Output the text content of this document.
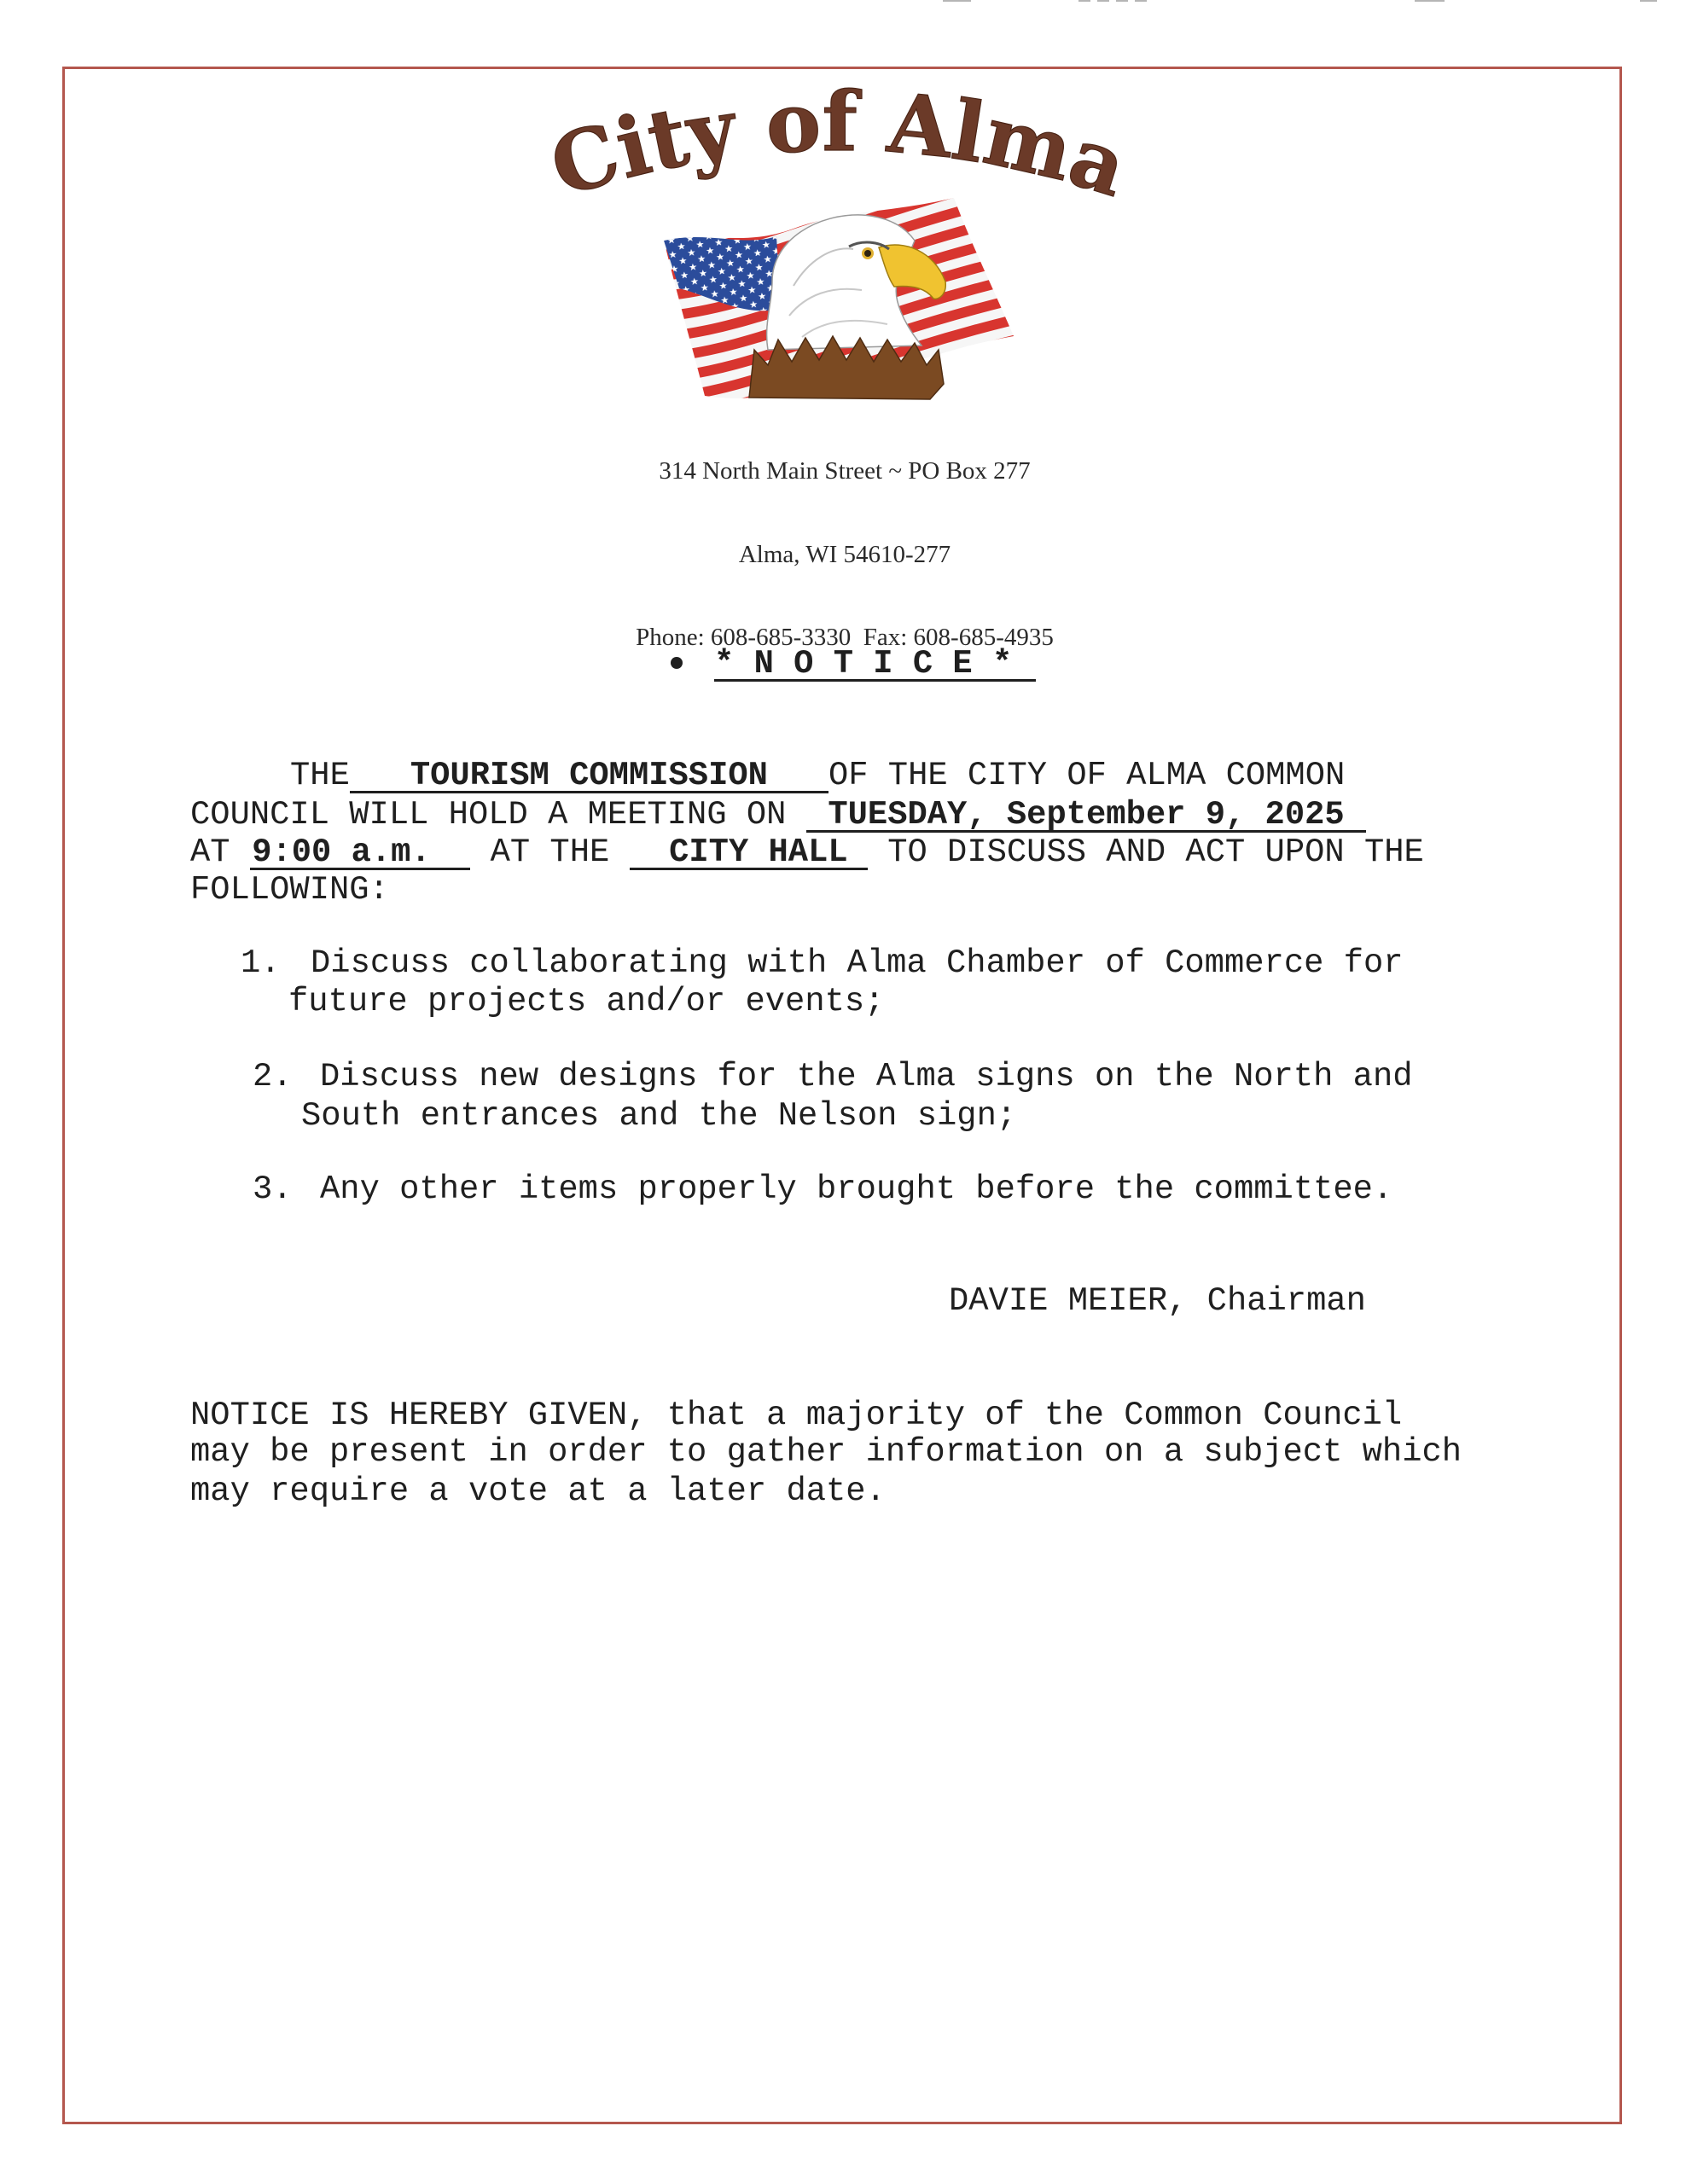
City of Alma

314 North Main Street ~ PO Box 277

Alma, WI 54610-277

Phone: 608-685-3330  Fax: 608-685-4935

* N O T I C E *
THE TOURISM COMMISSION OF THE CITY OF ALMA COMMON
COUNCIL WILL HOLD A MEETING ON TUESDAY, September 9, 2025
AT 9:00 a.m. AT THE CITY HALL TO DISCUSS AND ACT UPON THE
FOLLOWING:
1. Discuss collaborating with Alma Chamber of Commerce for
future projects and/or events;
2. Discuss new designs for the Alma signs on the North and
South entrances and the Nelson sign;
3. Any other items properly brought before the committee.
DAVIE MEIER, Chairman
NOTICE IS HEREBY GIVEN, that a majority of the Common Council
may be present in order to gather information on a subject which
may require a vote at a later date.
